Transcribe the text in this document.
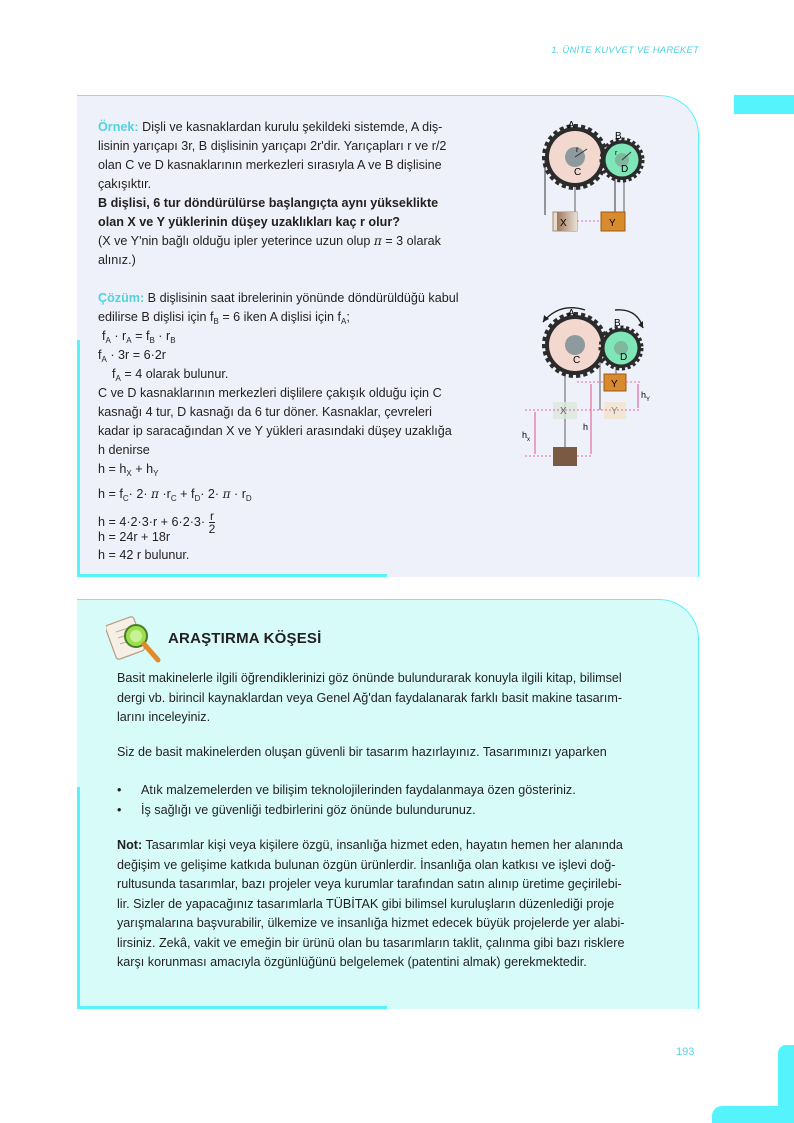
1. ÜNİTE KUVVET VE HAREKET
Örnek: Dişli ve kasnaklardan kurulu şekildeki sistemde, A diş-
lisinin yarıçapı 3r, B dişlisinin yarıçapı 2r'dir. Yarıçapları r ve r/2
olan C ve D kasnaklarının merkezleri sırasıyla A ve B dişlisine
çakışıktır.
B dişlisi, 6 tur döndürülürse başlangıçta aynı yükseklikte
olan X ve Y yüklerinin düşey uzaklıkları kaç r olur?
(X ve Y'nin bağlı olduğu ipler yeterince uzun olup π = 3 olarak
alınız.)
Çözüm: B dişlisinin saat ibrelerinin yönünde döndürüldüğü kabul
edilirse B dişlisi için $f_B = 6$ iken A dişlisi için $f_A$;
$f_A \cdot r_A = f_B \cdot r_B$
$f_A \cdot 3r = 6\cdot 2r$
$f_A = 4$ olarak bulunur.
C ve D kasnaklarının merkezleri dişlilere çakışık olduğu için C
kasnağı 4 tur, D kasnağı da 6 tur döner. Kasnaklar, çevreleri
kadar ip saracağından X ve Y yükleri arasındaki düşey uzaklığa
h denirse
$h = h_X + h_Y$
$h = f_C\cdot 2\cdot \pi \cdot r_C + f_D\cdot 2\cdot \pi \cdot r_D$
$h = 4\cdot 2\cdot 3\cdot r + 6\cdot 2\cdot 3\cdot \frac{r}{2}$
h = 24r + 18r
h = 42 r bulunur.
A
B
C	D
r	r
X	Y
A
B
C	D
Y
Y
X
h
$h_x$
$h_Y$
ARAŞTIRMA KÖŞESİ
Basit makinelerle ilgili öğrendiklerinizi göz önünde bulundurarak konuyla ilgili kitap, bilimsel
dergi vb. birincil kaynaklardan veya Genel Ağ'dan faydalanarak farklı basit makine tasarım-
larını inceleyiniz.
Siz de basit makinelerden oluşan güvenli bir tasarım hazırlayınız. Tasarımınızı yaparken
• Atık malzemelerden ve bilişim teknolojilerinden faydalanmaya özen gösteriniz.
• İş sağlığı ve güvenliği tedbirlerini göz önünde bulundurunuz.
Not: Tasarımlar kişi veya kişilere özgü, insanlığa hizmet eden, hayatın hemen her alanında
değişim ve gelişime katkıda bulunan özgün ürünlerdir. İnsanlığa olan katkısı ve işlevi doğ-
rultusunda tasarımlar, bazı projeler veya kurumlar tarafından satın alınıp üretime geçirilebi-
lir. Sizler de yapacağınız tasarımlarla TÜBİTAK gibi bilimsel kuruluşların düzenlediği proje
yarışmalarına başvurabilir, ülkemize ve insanlığa hizmet edecek büyük projelerde yer alabi-
lirsiniz. Zekâ, vakit ve emeğin bir ürünü olan bu tasarımların taklit, çalınma gibi bazı risklere
karşı korunması amacıyla özgünlüğünü belgelemek (patentini almak) gerekmektedir.
193
